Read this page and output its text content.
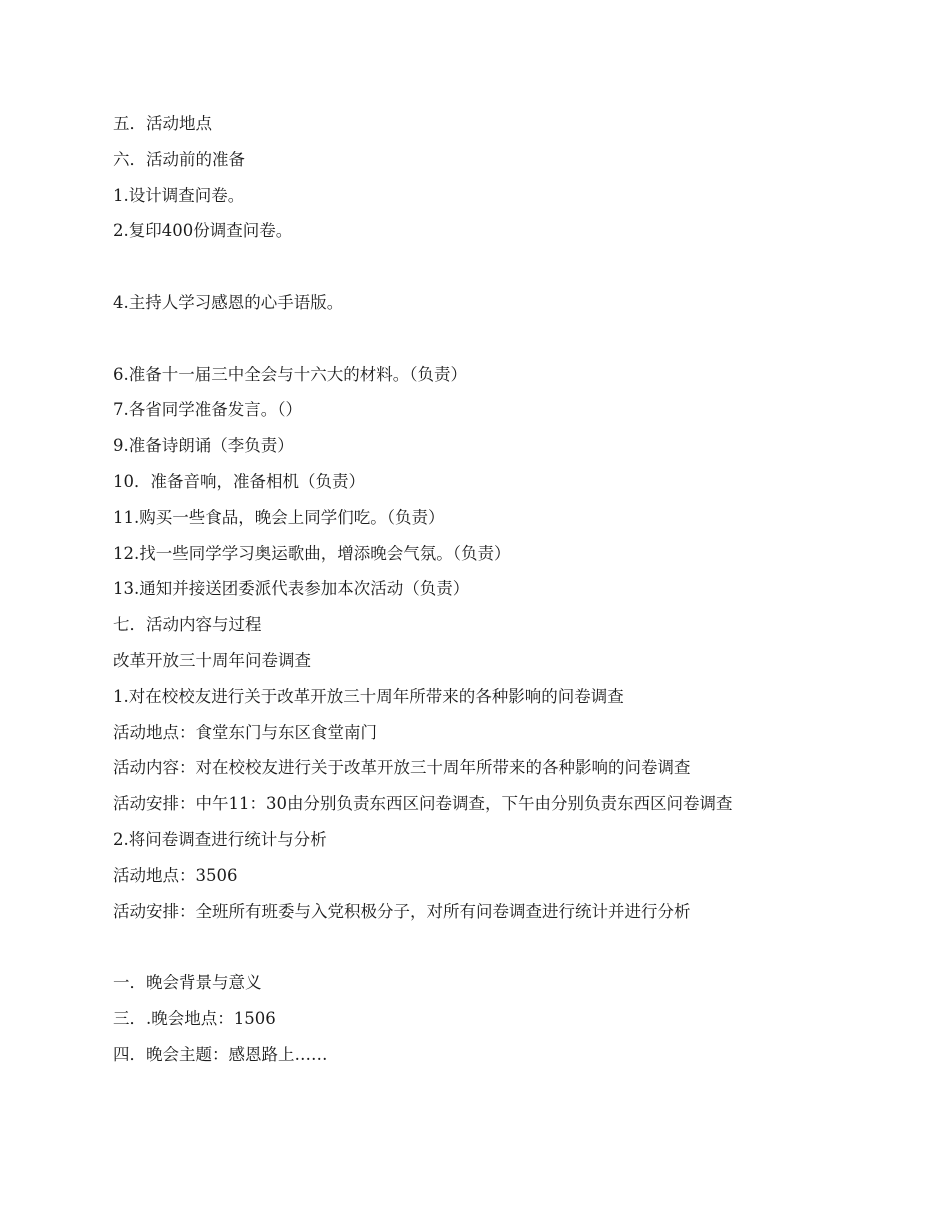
五．活动地点
六．活动前的准备
1.设计调查问卷。
2.复印400份调查问卷。
4.主持人学习感恩的心手语版。
6.准备十一届三中全会与十六大的材料。（负责）
7.各省同学准备发言。（）
9.准备诗朗诵（李负责）
10．准备音响，准备相机（负责）
11.购买一些食品，晚会上同学们吃。（负责）
12.找一些同学学习奥运歌曲，增添晚会气氛。（负责）
13.通知并接送团委派代表参加本次活动（负责）
七．活动内容与过程
改革开放三十周年问卷调查
1.对在校校友进行关于改革开放三十周年所带来的各种影响的问卷调查
活动地点：食堂东门与东区食堂南门
活动内容：对在校校友进行关于改革开放三十周年所带来的各种影响的问卷调查
活动安排：中午11：30由分别负责东西区问卷调查，下午由分别负责东西区问卷调查
2.将问卷调查进行统计与分析
活动地点：3506
活动安排：全班所有班委与入党积极分子，对所有问卷调查进行统计并进行分析
一．晚会背景与意义
三．.晚会地点：1506
四．晚会主题：感恩路上……
